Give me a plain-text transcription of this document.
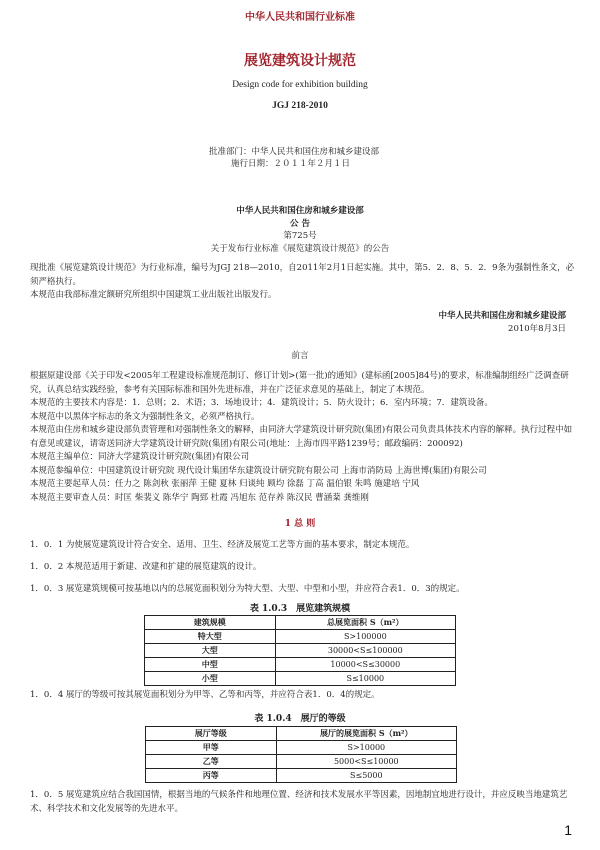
中华人民共和国行业标准
展览建筑设计规范
Design code for exhibition building
JGJ 218-2010
批准部门：中华人民共和国住房和城乡建设部
施行日期：２０１１年２月１日
中华人民共和国住房和城乡建设部
公 告
第725号
关于发布行业标准《展览建筑设计规范》的公告

现批准《展览建筑设计规范》为行业标准，编号为JGJ 218—2010，自2011年2月1日起实施。其中，第5．2．8、5．2．9条为强制性条文，必须严格执行。

本规范由我部标准定额研究所组织中国建筑工业出版社出版发行。

中华人民共和国住房和城乡建设部
2010年8月3日
前言

根据原建设部《关于印发<2005年工程建设标准规范制订、修订计划>(第一批)的通知》(建标函[2005]84号)的要求，标准编制组经广泛调查研究，认真总结实践经验，参考有关国际标准和国外先进标准，并在广泛征求意见的基础上，制定了本规范。

本规范的主要技术内容是：1．总则；2．术语；3．场地设计；4．建筑设计；5．防火设计；6．室内环境；7．建筑设备。

本规范中以黑体字标志的条文为强制性条文，必须严格执行。

本规范由住房和城乡建设部负责管理和对强制性条文的解释，由同济大学建筑设计研究院(集团)有限公司负责具体技术内容的解释。执行过程中如有意见或建议，请寄送同济大学建筑设计研究院(集团)有限公司(地址：上海市四平路1239号；邮政编码：200092)

本规范主编单位：同济大学建筑设计研究院(集团)有限公司

本规范参编单位：中国建筑设计研究院 现代设计集团华东建筑设计研究院有限公司 上海市消防局 上海世博(集团)有限公司

本规范主要起草人员：任力之 陈剑秋 张丽萍 王健 夏林 归谈纯 顾均 徐磊 丁高 温伯银 朱鸣 施建培 宁风

本规范主要审查人员：时匡 柴裴义 陈华宁 陶郅 杜霞 冯旭东 范存养 陈汉民 曹涵棻 龚维刚

1 总 则
1．0．1 为使展览建筑设计符合安全、适用、卫生、经济及展览工艺等方面的基本要求，制定本规范。
1．0．2 本规范适用于新建、改建和扩建的展览建筑的设计。
1．0．3 展览建筑规模可按基地以内的总展览面积划分为特大型、大型、中型和小型，并应符合表1．0．3的规定。
表 1.0.3　展览建筑规模
建筑规模	总展览面积 S（m²）
特大型	S>100000
大型	30000<S≤100000
中型	10000<S≤30000
小型	S≤10000
1．0．4 展厅的等级可按其展览面积划分为甲等、乙等和丙等，并应符合表1．0．4的规定。
表 1.0.4　展厅的等级
展厅等级	展厅的展览面积 S（m²）
甲等	S>10000
乙等	5000<S≤10000
丙等	S≤5000
1．0．5 展览建筑应结合我国国情，根据当地的气候条件和地理位置、经济和技术发展水平等因素，因地制宜地进行设计，并应反映当地建筑艺术、科学技术和文化发展等的先进水平。
1
